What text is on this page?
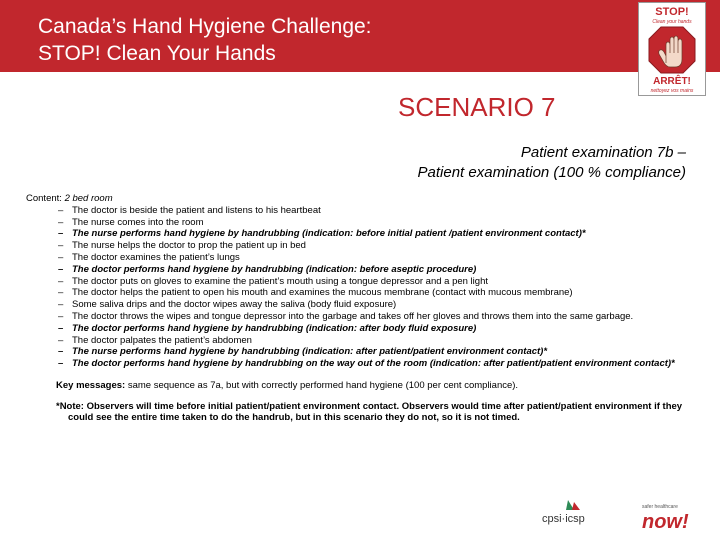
Canada’s Hand Hygiene Challenge:
STOP! Clean Your Hands
STOP!
Clean your hands
ARRÊT!
nettoyez vos mains
SCENARIO 7
Patient examination 7b –
Patient examination (100 % compliance)
Content: 2 bed room
– The doctor is beside the patient and listens to his heartbeat
– The nurse comes into the room
– The nurse performs hand hygiene by handrubbing (indication: before initial patient /patient environment contact)*
– The nurse helps the doctor to prop the patient up in bed
– The doctor examines the patient’s lungs
– The doctor performs hand hygiene by handrubbing (indication: before aseptic procedure)
– The doctor puts on gloves to examine the patient’s mouth using a tongue depressor and a pen light
– The doctor helps the patient to open his mouth and examines the mucous membrane (contact with mucous membrane)
– Some saliva drips and the doctor wipes away the saliva (body fluid exposure)
– The doctor throws the wipes and tongue depressor into the garbage and takes off her gloves and throws them into the same garbage.
– The doctor performs hand hygiene by handrubbing (indication: after body fluid exposure)
– The doctor palpates the patient’s abdomen
– The nurse performs hand hygiene by handrubbing (indication: after patient/patient environment contact)*
– The doctor performs hand hygiene by handrubbing on the way out of the room (indication: after patient/patient environment contact)*
Key messages: same sequence as 7a, but with correctly performed hand hygiene (100 per cent compliance).
*Note: Observers will time before initial patient/patient environment contact. Observers would time after patient/patient environment if they could see the entire time taken to do the handrub, but in this scenario they do not, so it is not timed.
cpsi·icsp
safer healthcare
now!
